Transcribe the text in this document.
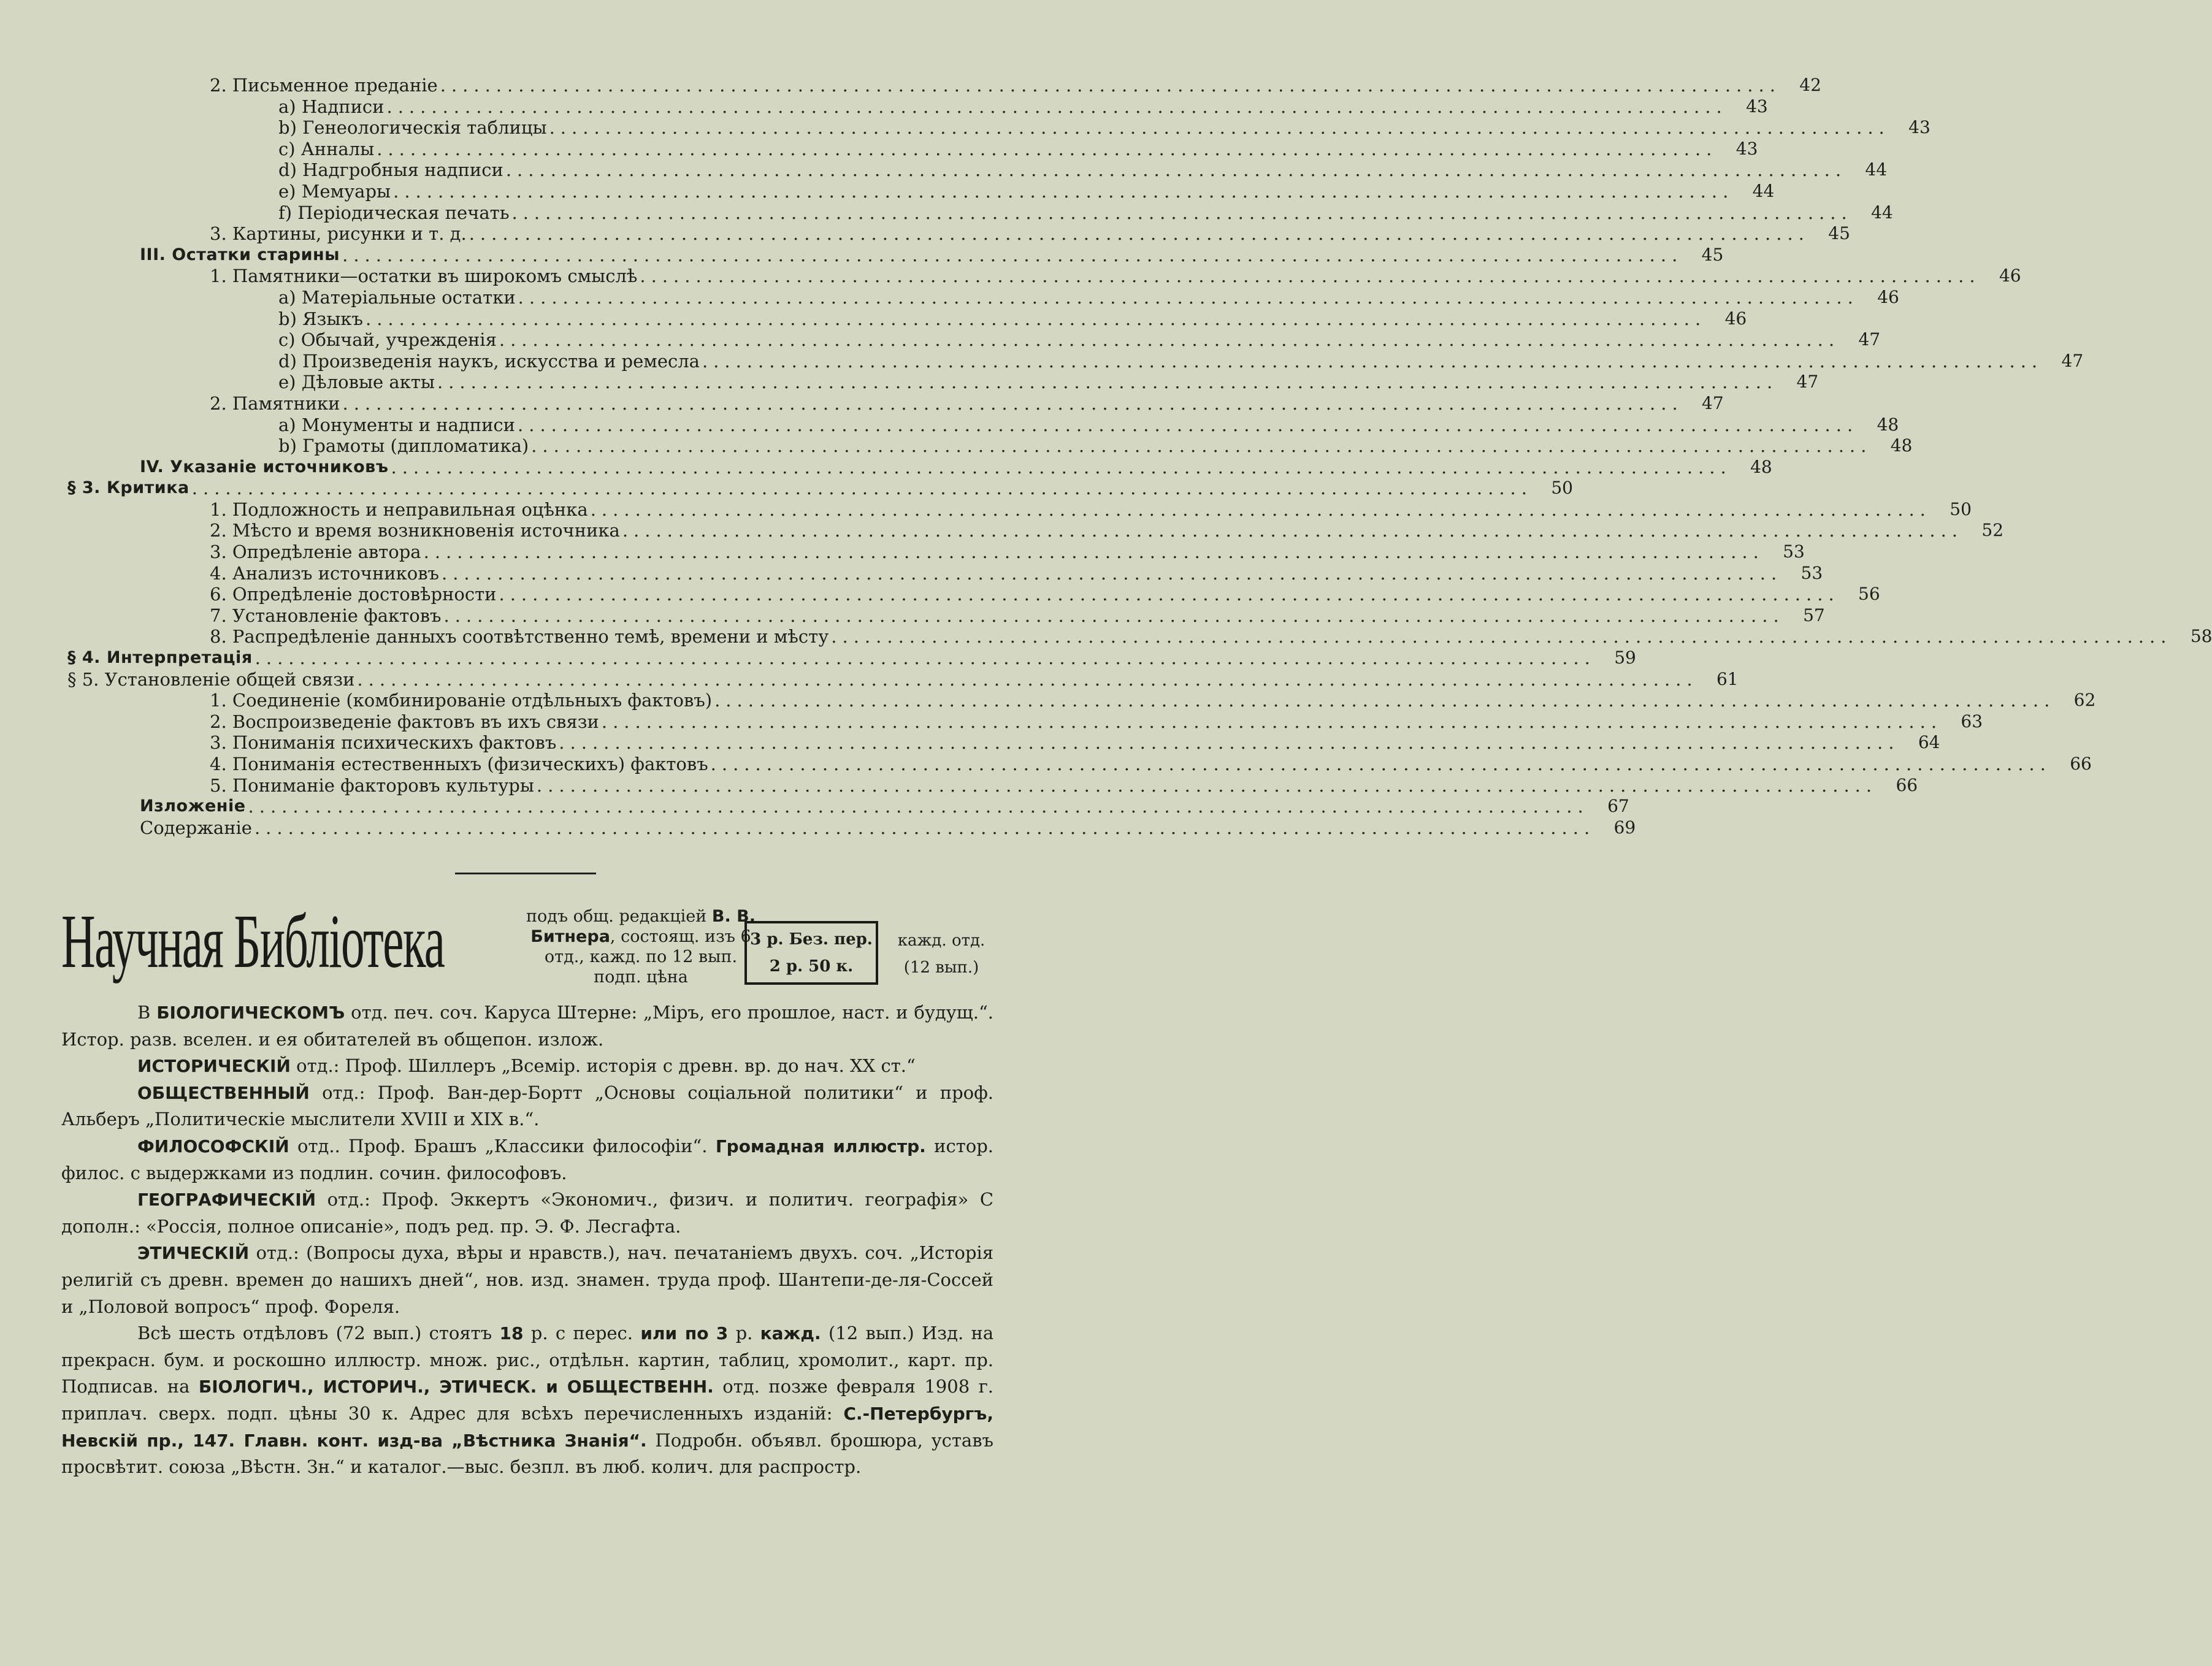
2. Письменное преданіе ........................................................................................................................	42
a) Надписи ........................................................................................................................	43
b) Генеологическія таблицы ........................................................................................................................	43
c) Анналы ........................................................................................................................	43
d) Надгробныя надписи ........................................................................................................................	44
e) Мемуары ........................................................................................................................	44
f) Періодическая печать ........................................................................................................................	44
3. Картины, рисунки и т. д. ........................................................................................................................	45
III. Остатки старины ........................................................................................................................	45
1. Памятники—остатки въ широкомъ смыслѣ ........................................................................................................................	46
a) Матеріальные остатки ........................................................................................................................	46
b) Языкъ ........................................................................................................................	46
c) Обычай, учрежденія ........................................................................................................................	47
d) Произведенія наукъ, искусства и ремесла ........................................................................................................................	47
e) Дѣловые акты ........................................................................................................................	47
2. Памятники ........................................................................................................................	47
a) Монументы и надписи ........................................................................................................................	48
b) Грамоты (дипломатика) ........................................................................................................................	48
IV. Указаніе источниковъ ........................................................................................................................	48
§ 3. Критика ........................................................................................................................	50
1. Подложность и неправильная оцѣнка ........................................................................................................................	50
2. Мѣсто и время возникновенія источника ........................................................................................................................	52
3. Опредѣленіе автора ........................................................................................................................	53
4. Анализъ источниковъ ........................................................................................................................	53
6. Опредѣленіе достовѣрности ........................................................................................................................	56
7. Установленіе фактовъ ........................................................................................................................	57
8. Распредѣленіе данныхъ соотвѣтственно темѣ, времени и мѣсту ........................................................................................................................	58
§ 4. Интерпретація ........................................................................................................................	59
§ 5. Установленіе общей связи ........................................................................................................................	61
1. Соединеніе (комбинированіе отдѣльныхъ фактовъ) ........................................................................................................................	62
2. Воспроизведеніе фактовъ въ ихъ связи ........................................................................................................................	63
3. Пониманія психическихъ фактовъ ........................................................................................................................	64
4. Пониманія естественныхъ (физическихъ) фактовъ ........................................................................................................................	66
5. Пониманіе факторовъ культуры ........................................................................................................................	66
Изложеніе ........................................................................................................................	67
Содержаніе ........................................................................................................................	69
Научная Библіотека	подъ общ. редакціей В. В.
Битнера, состоящ. изъ 6
отд., кажд. по 12 вып.
подп. цѣна
3 р. Без. пер.
2 р. 50 к.
кажд. отд.
(12 вып.)

В БІОЛОГИЧЕСКОМЪ отд. печ. соч. Каруса Штерне: „Міръ, его прошлое, наст. и будущ.“. Истор. разв. вселен. и ея обитателей въ общепон. излож.

ИСТОРИЧЕСКІЙ отд.: Проф. Шиллеръ „Всемір. исторія с древн. вр. до нач. XX ст.“

ОБЩЕСТВЕННЫЙ отд.: Проф. Ван-дер-Бортт „Основы соціальной политики“ и проф. Альберъ „Политическіе мыслители XVIII и XIX в.“.

ФИЛОСОФСКІЙ отд.. Проф. Брашъ „Классики философіи“. Громадная иллюстр. истор. филос. с выдержками из подлин. сочин. философовъ.

ГЕОГРАФИЧЕСКІЙ отд.: Проф. Эккертъ «Экономич., физич. и политич. географія» С дополн.: «Россія, полное описаніе», подъ ред. пр. Э. Ф. Лесгафта.

ЭТИЧЕСКІЙ отд.: (Вопросы духа, вѣры и нравств.), нач. печатаніемъ двухъ. соч. „Исторія религій съ древн. времен до нашихъ дней“, нов. изд. знамен. труда проф. Шантепи-де-ля-Соссей и „Половой вопросъ“ проф. Фореля.

Всѣ шесть отдѣловъ (72 вып.) стоятъ 18 р. с перес. или по 3 р. кажд. (12 вып.) Изд. на прекрасн. бум. и роскошно иллюстр. множ. рис., отдѣльн. картин, таблиц, хромолит., карт. пр. Подписав. на БІОЛОГИЧ., ИСТОРИЧ., ЭТИЧЕСК. и ОБЩЕСТВЕНН. отд. позже февраля 1908 г. приплач. сверх. подп. цѣны 30 к. Адрес для всѣхъ перечисленныхъ изданій: С.-Петербургъ, Невскій пр., 147. Главн. конт. изд-ва „Вѣстника Знанія“. Подробн. объявл. брошюра, уставъ просвѣтит. союза „Вѣстн. Зн.“ и каталог.—выс. безпл. въ люб. колич. для распростр.
